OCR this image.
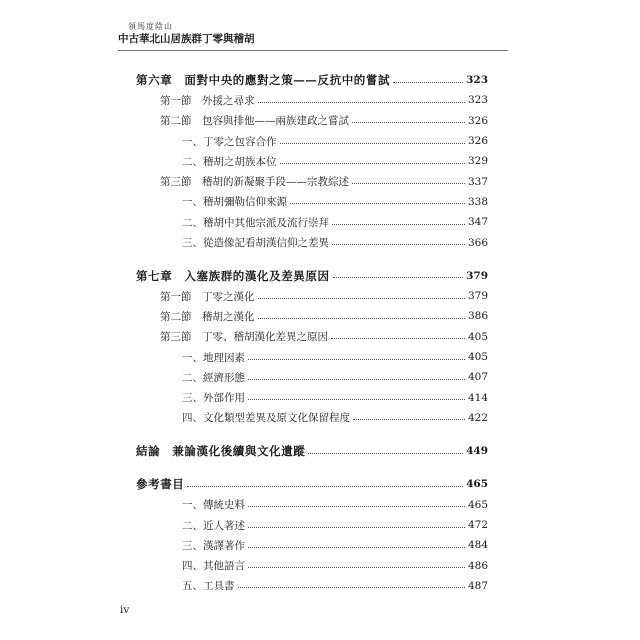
領馬度陰山
中古華北山居族群丁零與稽胡
第六章　面對中央的應對之策——反抗中的嘗試	323
第一節　外援之尋求	323
第二節　包容與排他——兩族建政之嘗試	326
一、丁零之包容合作	326
二、稽胡之胡族本位	329
第三節　稽胡的新凝聚手段——宗教綜述	337
一、稽胡彌勒信仰來源	338
二、稽胡中其他宗派及流行崇拜	347
三、從造像記看胡漢信仰之差異	366
第七章　入塞族群的漢化及差異原因	379
第一節　丁零之漢化	379
第二節　稽胡之漢化	386
第三節　丁零、稽胡漢化差異之原因	405
一、地理因素	405
二、經濟形態	407
三、外部作用	414
四、文化類型差異及原文化保留程度	422
結論　兼論漢化後續與文化遺蹤	449
參考書目	465
一、傳統史料	465
二、近人著述	472
三、漢譯著作	484
四、其他語言	486
五、工具書	487
iv
